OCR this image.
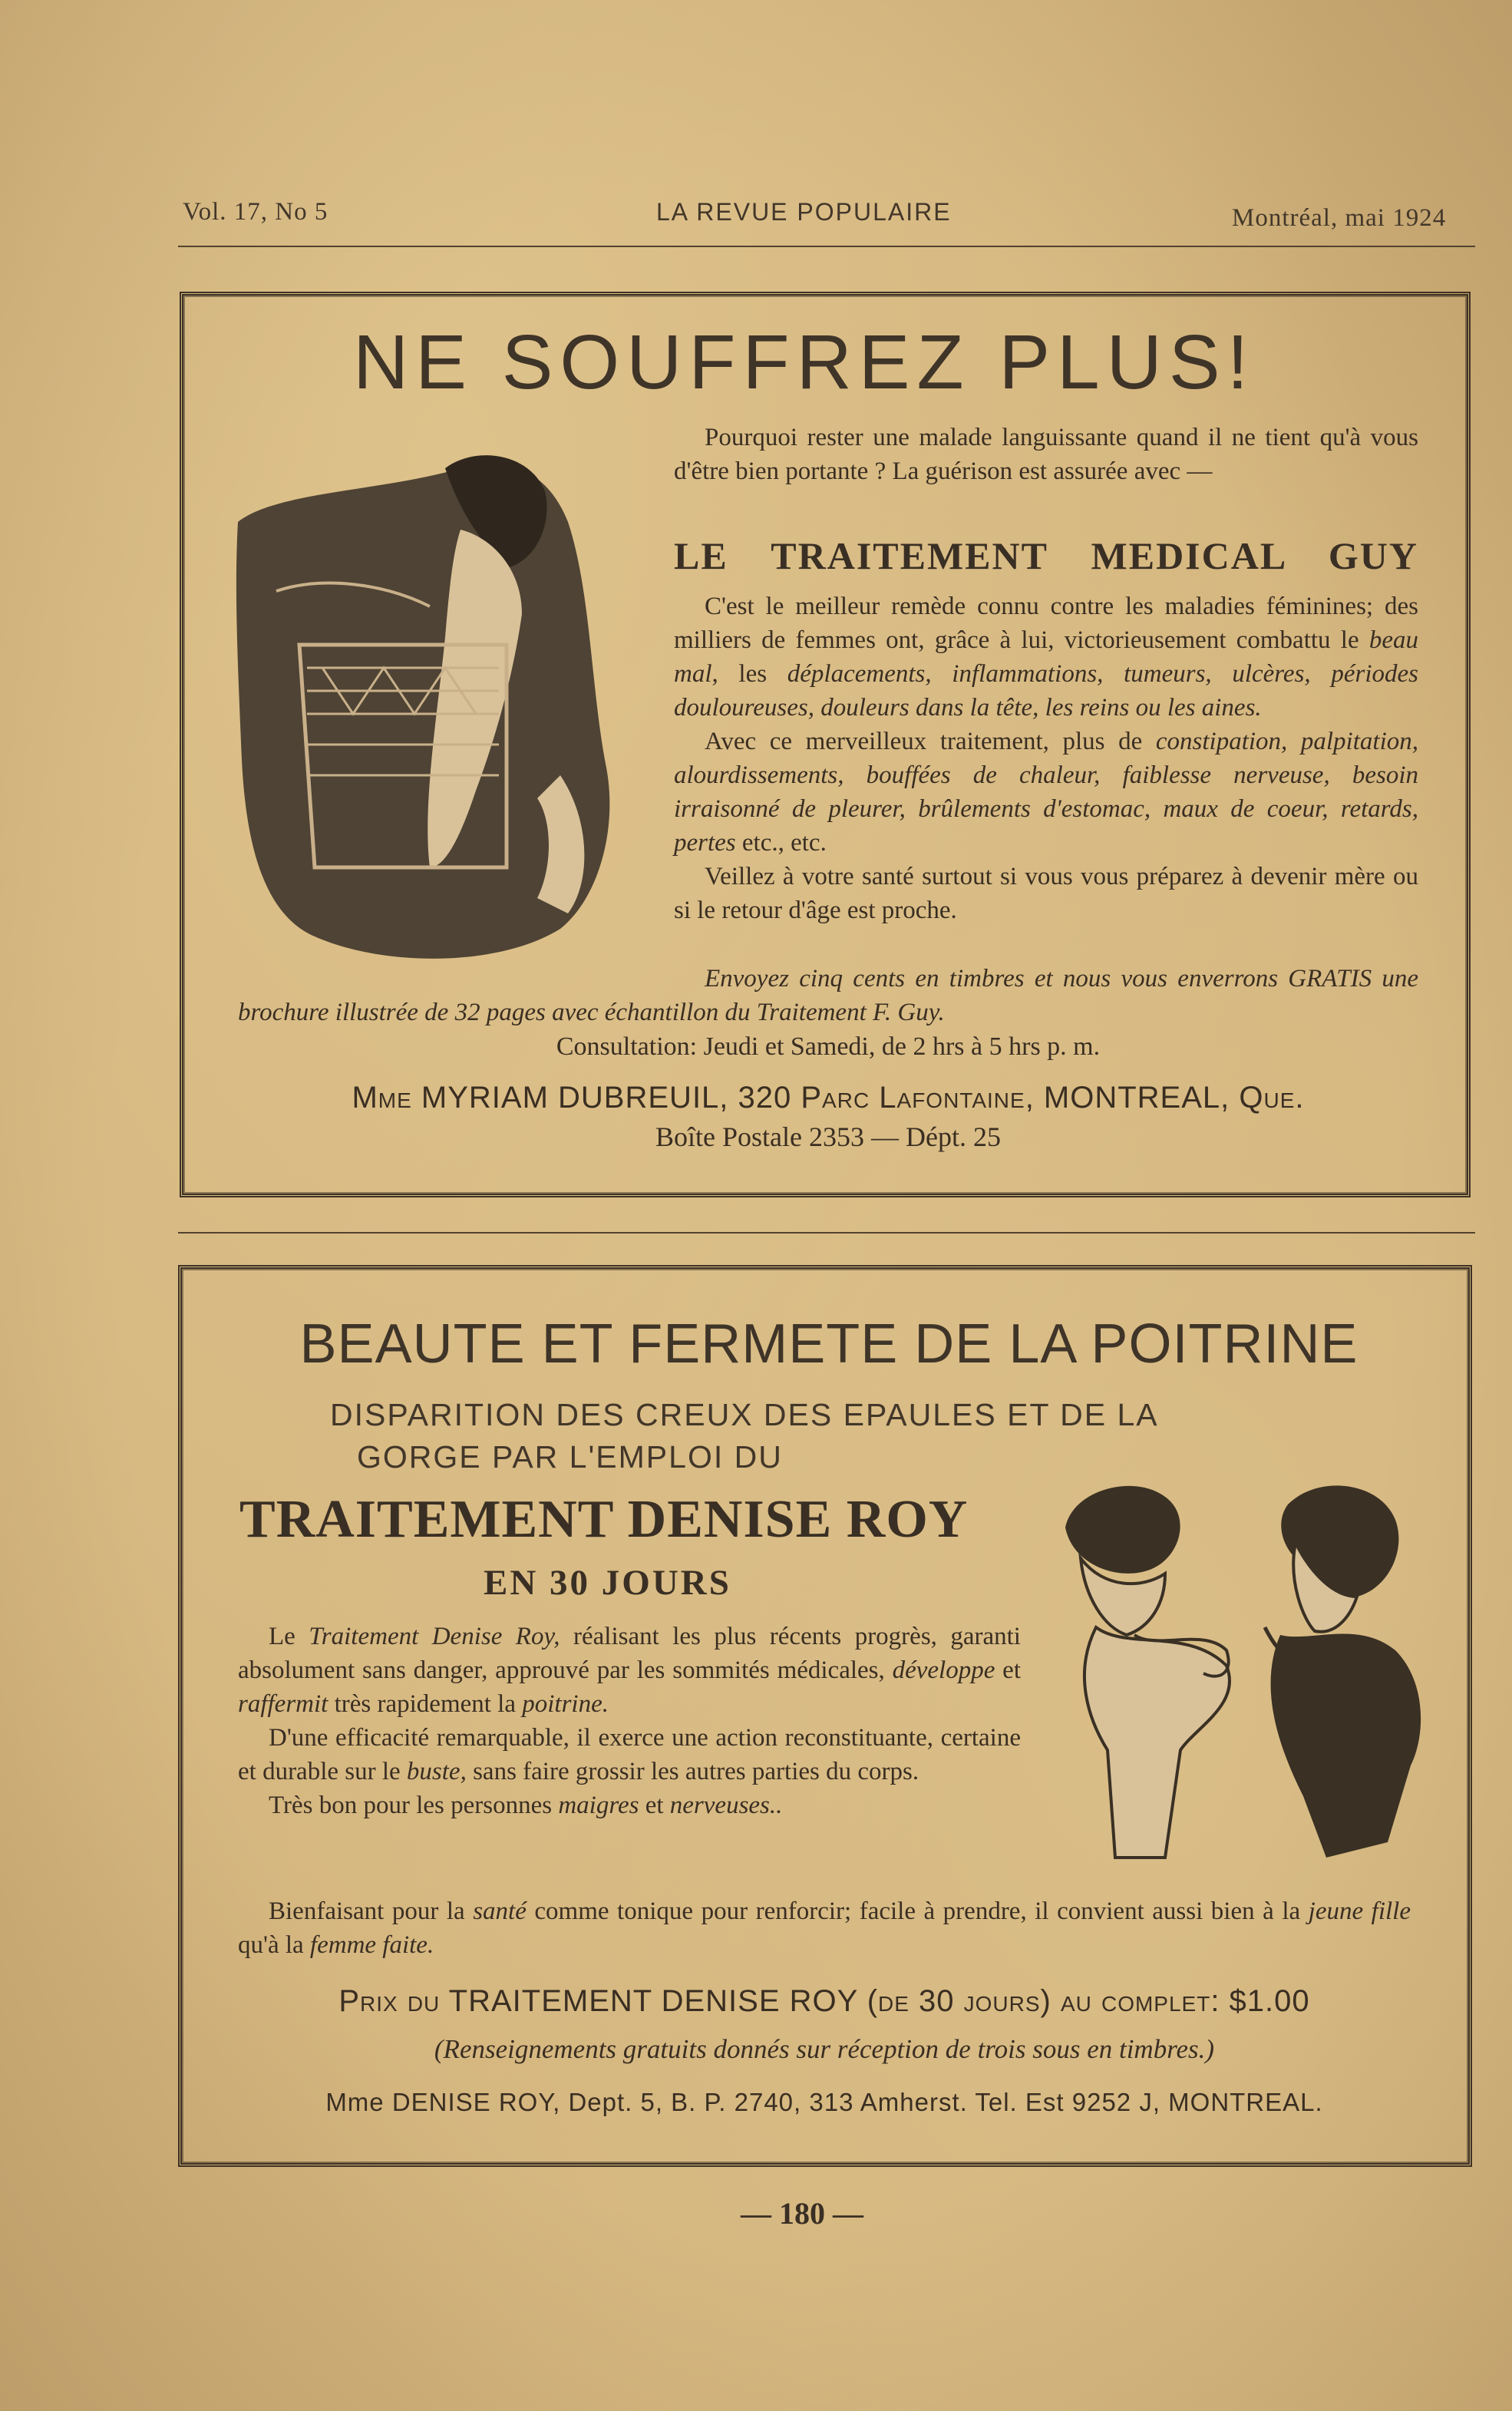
Vol. 17, No 5	LA REVUE POPULAIRE	Montréal, mai 1924
NE SOUFFREZ PLUS!

Pourquoi rester une malade languissante quand il ne tient qu'à vous d'être bien portante ? La guérison est assurée avec —

LE TRAITEMENT MEDICAL GUY

C'est le meilleur remède connu contre les maladies féminines; des milliers de femmes ont, grâce à lui, victorieusement combattu le beau mal, les déplacements, inflammations, tumeurs, ulcères, périodes douloureuses, douleurs dans la tête, les reins ou les aines.

Avec ce merveilleux traitement, plus de constipation, palpitation, alourdissements, bouffées de chaleur, faiblesse nerveuse, besoin irraisonné de pleurer, brûlements d'estomac, maux de coeur, retards, pertes etc., etc.

Veillez à votre santé surtout si vous vous préparez à devenir mère ou si le retour d'âge est proche.

Envoyez cinq cents en timbres et nous vous enverrons GRATIS une brochure illustrée de 32 pages avec échantillon du Traitement F. Guy.
Consultation: Jeudi et Samedi, de 2 hrs à 5 hrs p. m.
Mme MYRIAM DUBREUIL, 320 Parc Lafontaine, MONTREAL, Que.
Boîte Postale 2353 — Dépt. 25
BEAUTE ET FERMETE DE LA POITRINE
DISPARITION DES CREUX DES EPAULES ET DE LA
GORGE PAR L'EMPLOI DU
TRAITEMENT DENISE ROY
EN 30 JOURS

Le Traitement Denise Roy, réalisant les plus récents progrès, garanti absolument sans danger, approuvé par les sommités médicales, développe et raffermit très rapidement la poitrine.

D'une efficacité remarquable, il exerce une action reconstituante, certaine et durable sur le buste, sans faire grossir les autres parties du corps.

Très bon pour les personnes maigres et nerveuses..

Bienfaisant pour la santé comme tonique pour renforcir; facile à prendre, il convient aussi bien à la jeune fille qu'à la femme faite.

Prix du TRAITEMENT DENISE ROY (de 30 jours) au complet: $1.00
(Renseignements gratuits donnés sur réception de trois sous en timbres.)
Mme DENISE ROY, Dept. 5, B. P. 2740, 313 Amherst. Tel. Est 9252 J, MONTREAL.
— 180 —
